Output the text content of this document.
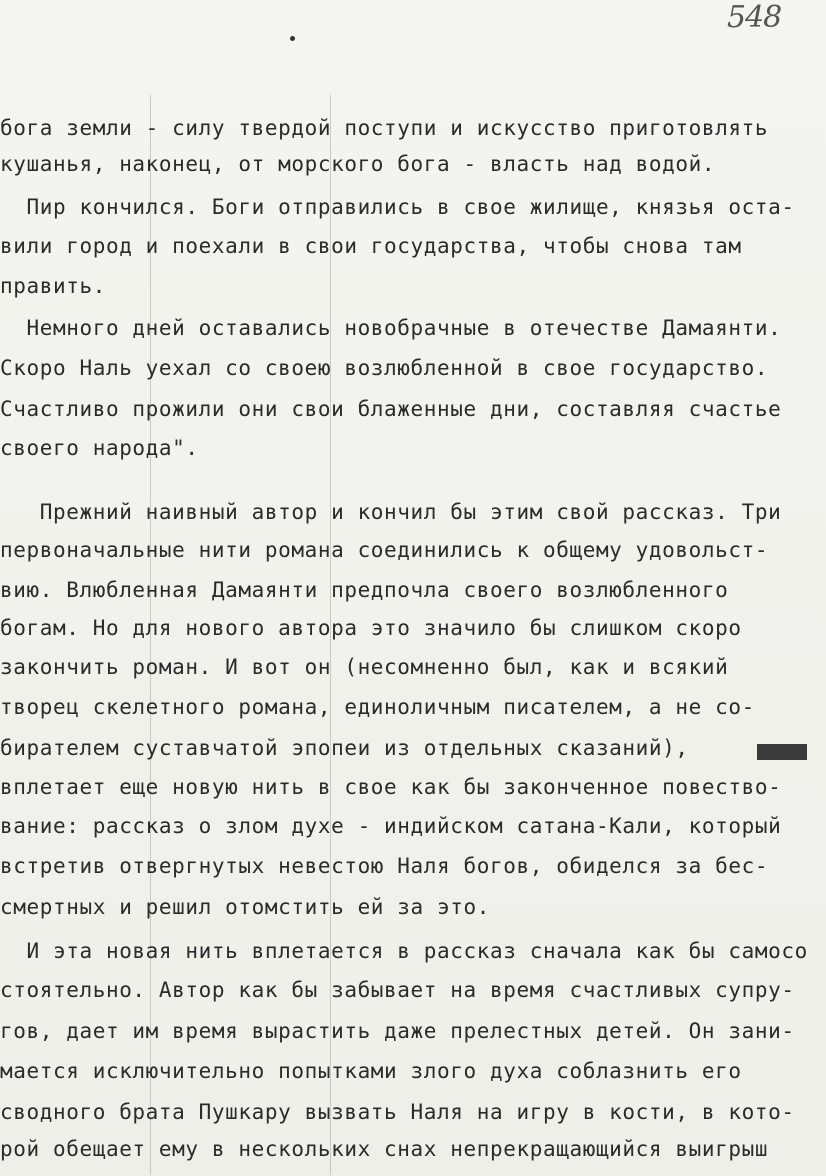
548
богa земли - силу твердой поступи и искусство приготовлять
кушанья, наконец, от морского бога - власть над водой.
Пир кончился. Боги отправились в свое жилище, князья оста-
вили город и поехали в свои государства, чтобы снова там
править.
Немного дней оставались новобрачные в отечестве Дамаянти.
Скоро Наль уехал со своею возлюбленной в свое государство.
Счастливо прожили они свои блаженные дни, составляя счастье
своего народа".
Прежний наивный автор и кончил бы этим свой рассказ. Три
первоначальные нити романа соединились к общему удовольст-
вию. Влюбленная Дамаянти предпочла своего возлюбленного
богам. Но для нового автора это значило бы слишком скоро
закончить роман. И вот он (несомненно был, как и всякий
творец скелетного романа, единоличным писателем, а не со-
бирателем суставчатой эпопеи из отдельных сказаний),
вплетает еще новую нить в свое как бы законченное повество-
вание: рассказ о злом духе - индийском сатана-Кали, который
встретив отвергнутых невестою Наля богов, обиделся за бес-
смертных и решил отомстить ей за это.
И эта новая нить вплетается в рассказ сначала как бы самосо
стоятельно. Автор как бы забывает на время счастливых супру-
гов, дает им время вырастить даже прелестных детей. Он зани-
мается исключительно попытками злого духа соблазнить его
сводного брата Пушкару вызвать Наля на игру в кости, в кото-
рой обещает ему в нескольких снах непрекращающийся выигрыш
